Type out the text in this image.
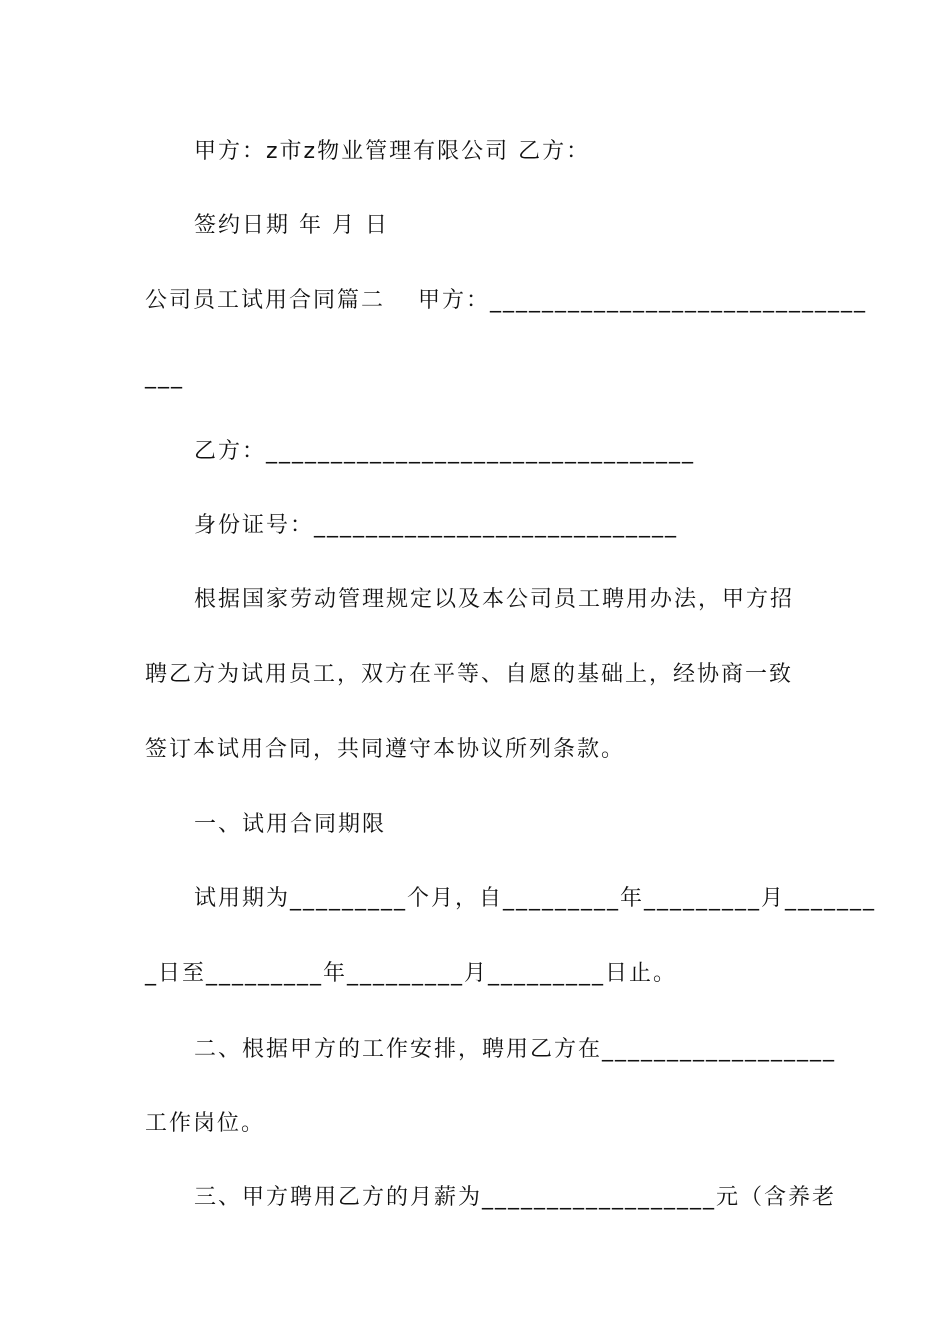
甲方：z市z物业管理有限公司 乙方：
签约日期 年 月 日
公司员工试用合同篇二 　甲方：_____________________________
___
乙方：_________________________________
身份证号：____________________________
根据国家劳动管理规定以及本公司员工聘用办法，甲方招
聘乙方为试用员工，双方在平等、自愿的基础上，经协商一致
签订本试用合同，共同遵守本协议所列条款。
一、试用合同期限
试用期为_________个月，自_________年_________月_______
_日至_________年_________月_________日止。
二、根据甲方的工作安排，聘用乙方在__________________
工作岗位。
三、甲方聘用乙方的月薪为__________________元（含养老
